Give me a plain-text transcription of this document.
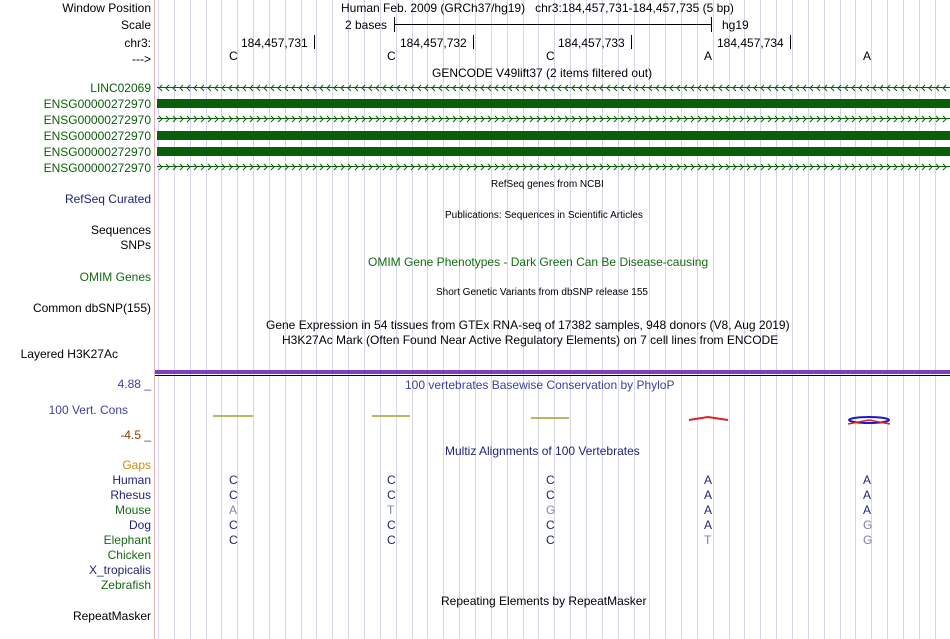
Window Position
Scale
chr3:
--->
LINC02069
ENSG00000272970
ENSG00000272970
ENSG00000272970
ENSG00000272970
ENSG00000272970
RefSeq Curated
Sequences
SNPs
OMIM Genes
Common dbSNP(155)
Layered H3K27Ac
4.88 _
100 Vert. Cons
-4.5 _
Gaps
Human
Rhesus
Mouse
Dog
Elephant
Chicken
X_tropicalis
Zebrafish
RepeatMasker
Human Feb. 2009 (GRCh37/hg19)   chr3:184,457,731-184,457,735 (5 bp)
2 bases	hg19
184,457,731	184,457,732	184,457,733	184,457,734
C	C	C	A	A
GENCODE V49lift37 (2 items filtered out)
RefSeq genes from NCBI
Publications: Sequences in Scientific Articles
OMIM Gene Phenotypes - Dark Green Can Be Disease-causing
Short Genetic Variants from dbSNP release 155
Gene Expression in 54 tissues from GTEx RNA-seq of 17382 samples, 948 donors (V8, Aug 2019)
H3K27Ac Mark (Often Found Near Active Regulatory Elements) on 7 cell lines from ENCODE
100 vertebrates Basewise Conservation by PhyloP
Multiz Alignments of 100 Vertebrates
C	C	C	A	A
C	C	C	A	A
A	T	G	A	A
C	C	C	A	G
C	C	C	T	G
Repeating Elements by RepeatMasker
